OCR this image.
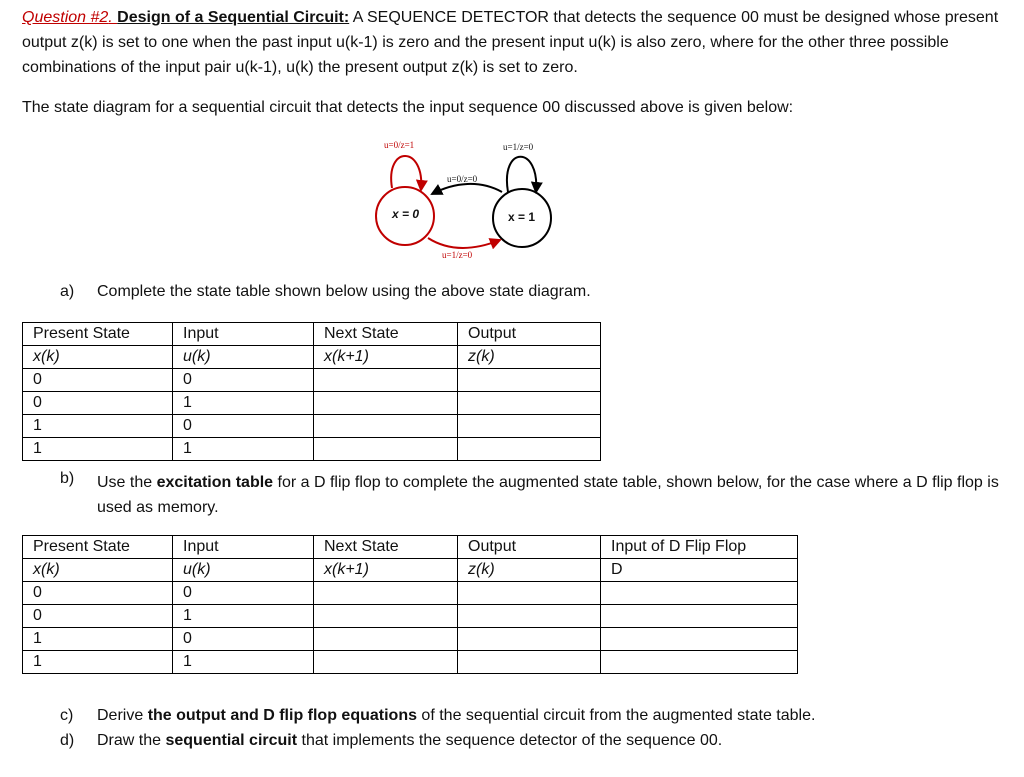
Question #2. Design of a Sequential Circuit: A SEQUENCE DETECTOR that detects the sequence 00 must be designed whose present output z(k) is set to one when the past input u(k-1) is zero and the present input u(k) is also zero, where for the other three possible combinations of the input pair u(k-1), u(k) the present output z(k) is set to zero.
The state diagram for a sequential circuit that detects the input sequence 00 discussed above is given below:
x = 0	x = 1
u=0/z=1	u=1/z=0
u=0/z=0
u=1/z=0
a) Complete the state table shown below using the above state diagram.
Present State	Input	Next State	Output
x(k)	u(k)	x(k+1)	z(k)
0	0		
0	1		
1	0		
1	1		
b) Use the excitation table for a D flip flop to complete the augmented state table, shown below, for the case where a D flip flop is used as memory.
Present State	Input	Next State	Output	Input of D Flip Flop
x(k)	u(k)	x(k+1)	z(k)	D
0	0			
0	1			
1	0			
1	1			
c) Derive the output and D flip flop equations of the sequential circuit from the augmented state table.
d) Draw the sequential circuit that implements the sequence detector of the sequence 00.
